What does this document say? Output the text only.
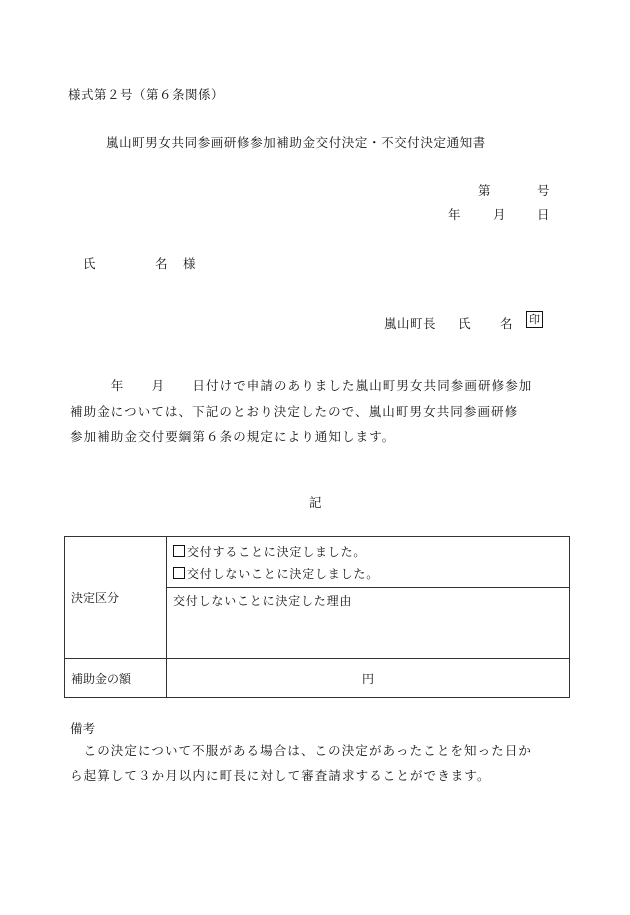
様式第２号（第６条関係）
嵐山町男女共同参画研修参加補助金交付決定・不交付決定通知書
第	号
年	月	日
氏	名 様
嵐山町長 氏 名 印
　　　年　　月　　日付けで申請のありました嵐山町男女共同参画研修参加
補助金については、下記のとおり決定したので、嵐山町男女共同参画研修
参加補助金交付要綱第６条の規定により通知します。
記
決定区分	交付することに決定しました。
交付しないことに決定しました。

	交付しないことに決定した理由
補助金の額	円
備考
　この決定について不服がある場合は、この決定があったことを知った日か
ら起算して３か月以内に町長に対して審査請求することができます。
